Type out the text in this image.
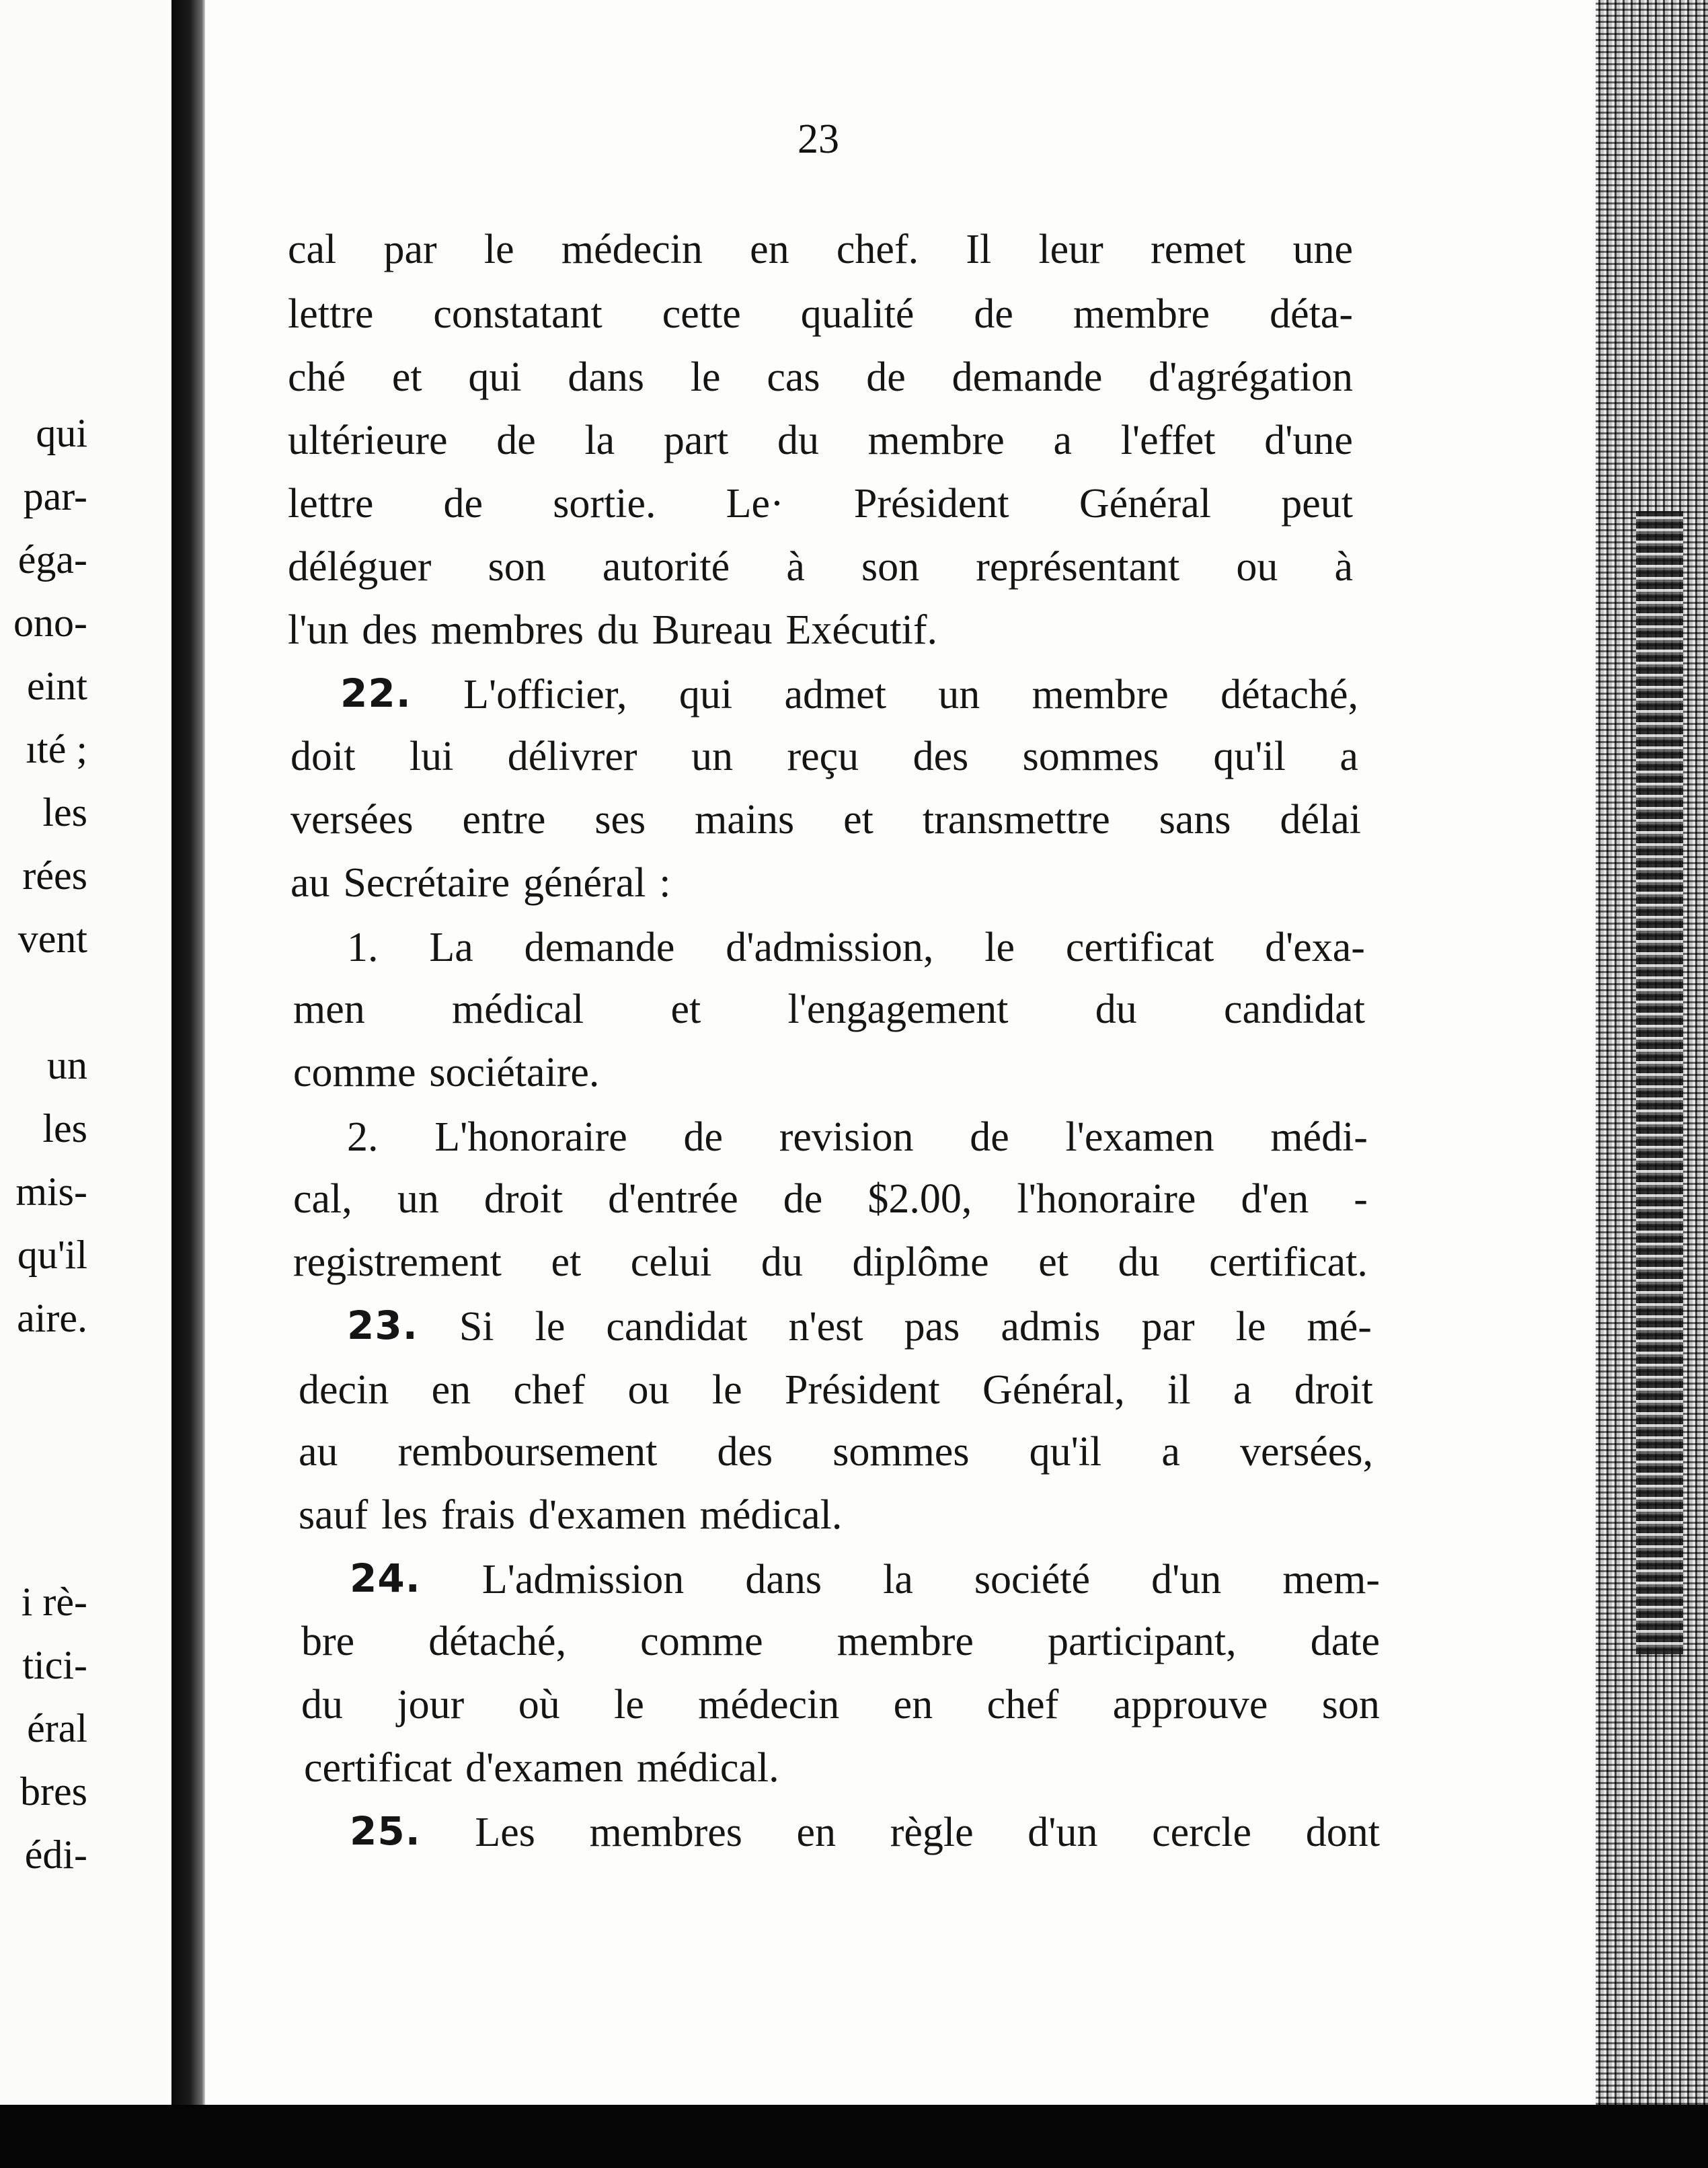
qui
par-
éga-
ono-
eint
ıté ;
les
rées
vent
un
les
mis-
qu'il
aire.
i rè-
tici-
éral
bres
édi-
23
cal par le médecin en chef. Il leur remet une
lettre constatant cette qualité de membre déta-
ché et qui dans le cas de demande d'agrégation
ultérieure de la part du membre a l'effet d'une
lettre de sortie. Le· Président Général peut
déléguer son autorité à son représentant ou à
l'un des membres du Bureau Exécutif.
22. L'officier, qui admet un membre détaché,
doit lui délivrer un reçu des sommes qu'il a
versées entre ses mains et transmettre sans délai
au Secrétaire général :
1. La demande d'admission, le certificat d'exa-
men médical et l'engagement du candidat
comme sociétaire.
2. L'honoraire de revision de l'examen médi-
cal, un droit d'entrée de $2.00, l'honoraire d'en -
registrement et celui du diplôme et du certificat.
23. Si le candidat n'est pas admis par le mé-
decin en chef ou le Président Général, il a droit
au remboursement des sommes qu'il a versées,
sauf les frais d'examen médical.
24. L'admission dans la société d'un mem-
bre détaché, comme membre participant, date
du jour où le médecin en chef approuve son
certificat d'examen médical.
25. Les membres en règle d'un cercle dont
